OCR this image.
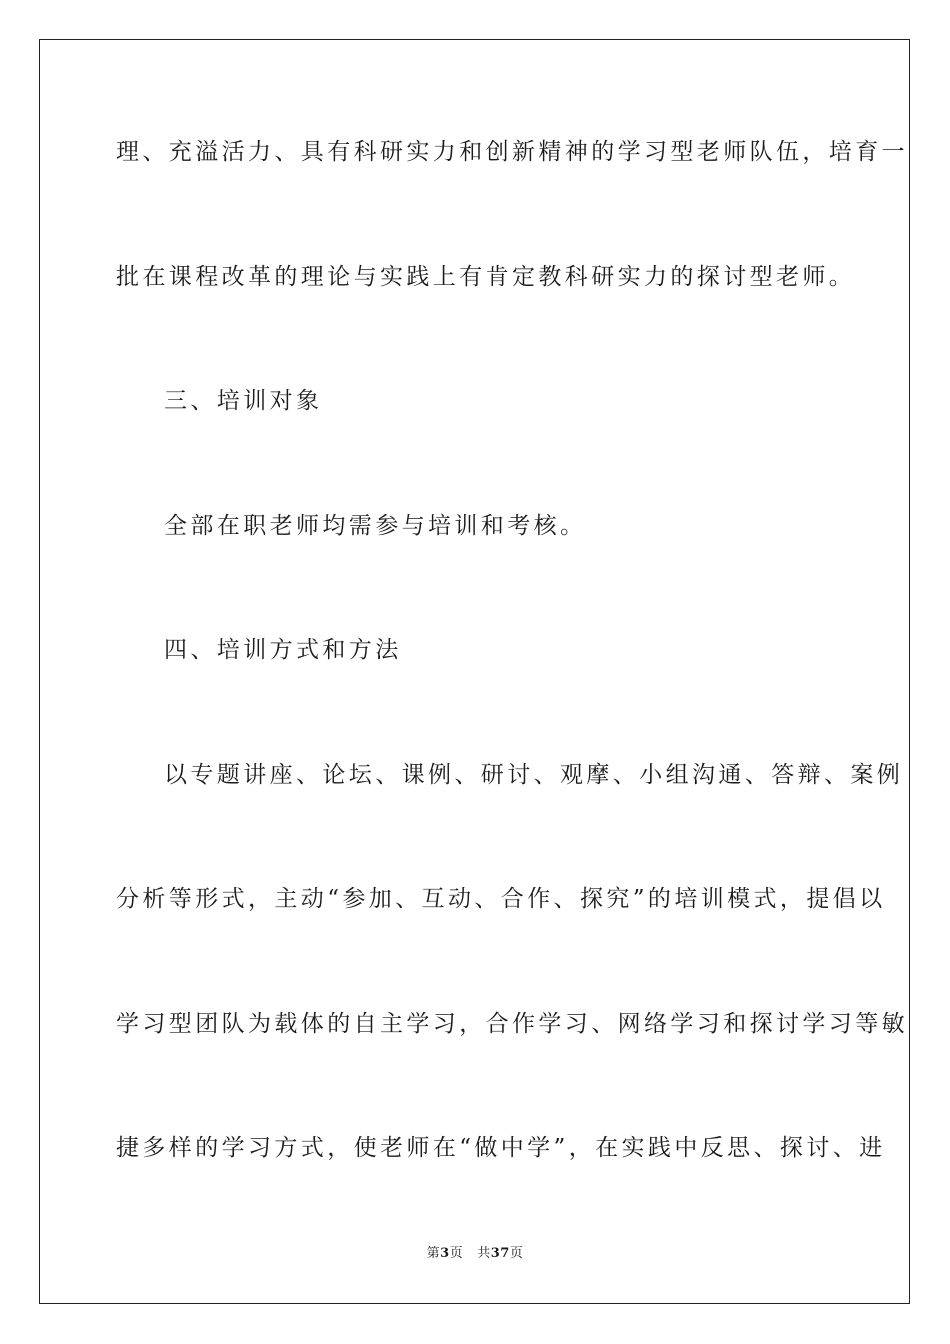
理、充溢活力、具有科研实力和创新精神的学习型老师队伍，培育一
批在课程改革的理论与实践上有肯定教科研实力的探讨型老师。
三、培训对象
全部在职老师均需参与培训和考核。
四、培训方式和方法
以专题讲座、论坛、课例、研讨、观摩、小组沟通、答辩、案例
分析等形式，主动“参加、互动、合作、探究”的培训模式，提倡以
学习型团队为载体的自主学习，合作学习、网络学习和探讨学习等敏
捷多样的学习方式，使老师在“做中学”，在实践中反思、探讨、进
第3页 共37页
